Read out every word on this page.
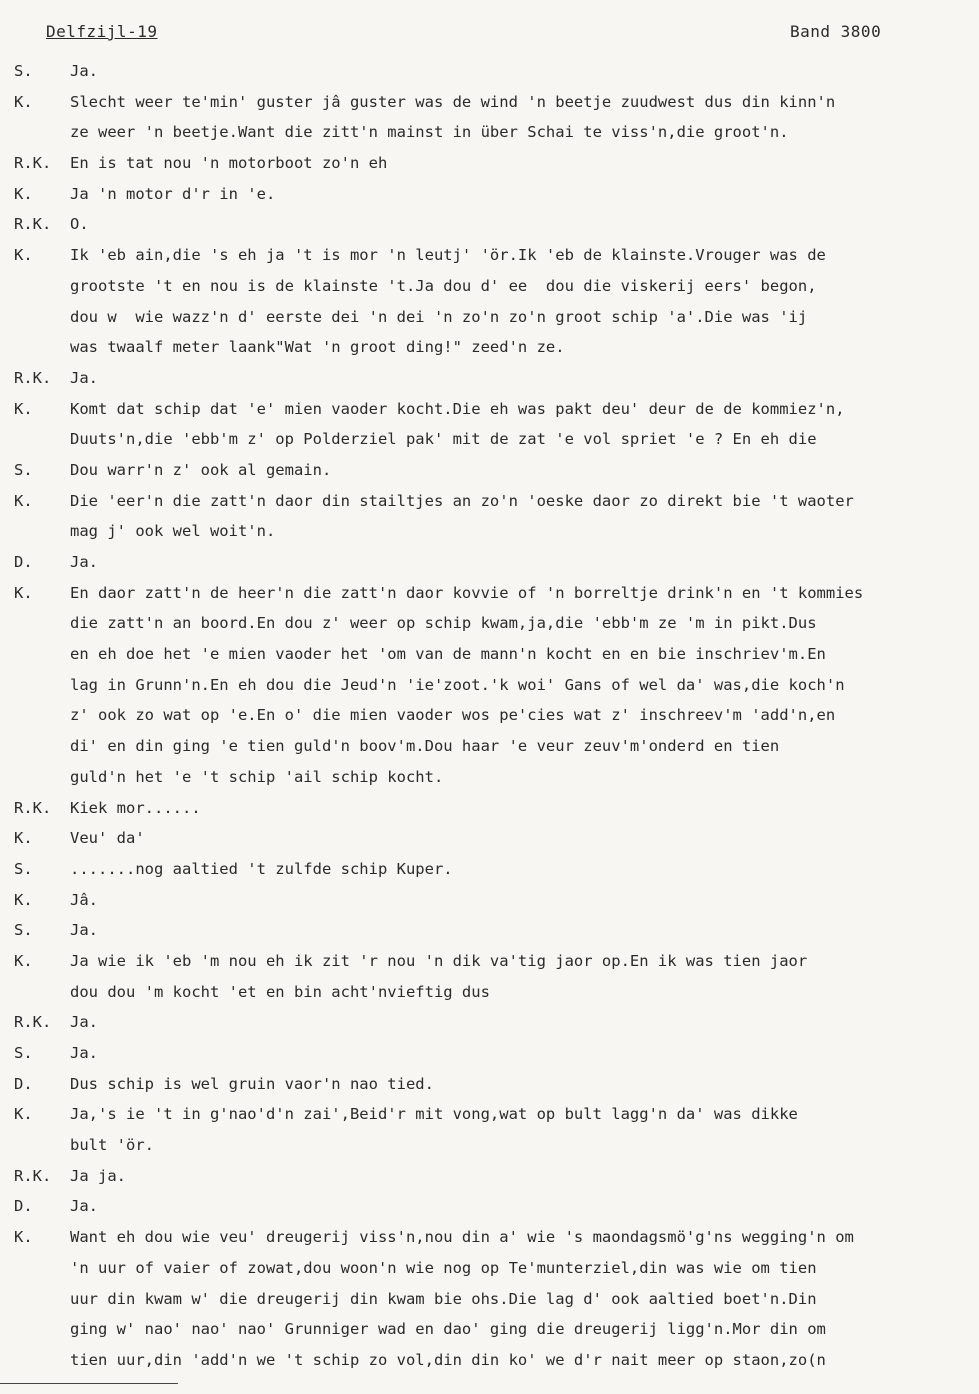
Delfzijl-19	Band 3800
S. Ja.
K. Slecht weer te'min' guster jâ guster was de wind 'n beetje zuudwest dus din kinn'n
ze weer 'n beetje.Want die zitt'n mainst in über Schai te viss'n,die groot'n.
R.K. En is tat nou 'n motorboot zo'n eh
K. Ja 'n motor d'r in 'e.
R.K. O.
K. Ik 'eb ain,die 's eh ja 't is mor 'n leutj' 'ör.Ik 'eb de klainste.Vrouger was de
grootste 't en nou is de klainste 't.Ja dou d' ee  dou die viskerij eers' begon,
dou w  wie wazz'n d' eerste dei 'n dei 'n zo'n zo'n groot schip 'a'.Die was 'ij
was twaalf meter laank"Wat 'n groot ding!" zeed'n ze.
R.K. Ja.
K. Komt dat schip dat 'e' mien vaoder kocht.Die eh was pakt deu' deur de de kommiez'n,
Duuts'n,die 'ebb'm z' op Polderziel pak' mit de zat 'e vol spriet 'e ? En eh die
S. Dou warr'n z' ook al gemain.
K. Die 'eer'n die zatt'n daor din stailtjes an zo'n 'oeske daor zo direkt bie 't waoter
mag j' ook wel woit'n.
D. Ja.
K. En daor zatt'n de heer'n die zatt'n daor kovvie of 'n borreltje drink'n en 't kommies
die zatt'n an boord.En dou z' weer op schip kwam,ja,die 'ebb'm ze 'm in pikt.Dus
en eh doe het 'e mien vaoder het 'om van de mann'n kocht en en bie inschriev'm.En
lag in Grunn'n.En eh dou die Jeud'n 'ie'zoot.'k woi' Gans of wel da' was,die koch'n
z' ook zo wat op 'e.En o' die mien vaoder wos pe'cies wat z' inschreev'm 'add'n,en
di' en din ging 'e tien guld'n boov'm.Dou haar 'e veur zeuv'm'onderd en tien
guld'n het 'e 't schip 'ail schip kocht.
R.K. Kiek mor......
K. Veu' da'
S. .......nog aaltied 't zulfde schip Kuper.
K. Jâ.
S. Ja.
K. Ja wie ik 'eb 'm nou eh ik zit 'r nou 'n dik va'tig jaor op.En ik was tien jaor
dou dou 'm kocht 'et en bin acht'nvieftig dus
R.K. Ja.
S. Ja.
D. Dus schip is wel gruin vaor'n nao tied.
K. Ja,'s ie 't in g'nao'd'n zai',Beid'r mit vong,wat op bult lagg'n da' was dikke
bult 'ör.
R.K. Ja ja.
D. Ja.
K. Want eh dou wie veu' dreugerij viss'n,nou din a' wie 's maondagsmö'g'ns wegging'n om
'n uur of vaier of zowat,dou woon'n wie nog op Te'munterziel,din was wie om tien
uur din kwam w' die dreugerij din kwam bie ohs.Die lag d' ook aaltied boet'n.Din
ging w' nao' nao' nao' Grunniger wad en dao' ging die dreugerij ligg'n.Mor din om
tien uur,din 'add'n we 't schip zo vol,din din ko' we d'r nait meer op staon,zo(n
